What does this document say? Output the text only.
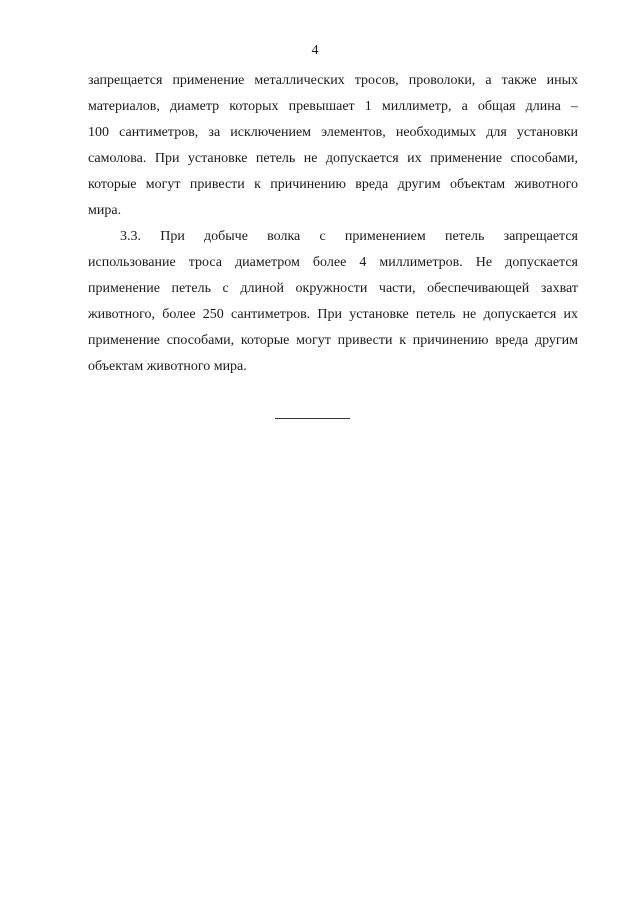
4
запрещается применение металлических тросов, проволоки, а также иных
материалов, диаметр которых превышает 1 миллиметр, а общая длина –
100 сантиметров, за исключением элементов, необходимых для установки
самолова. При установке петель не допускается их применение способами,
которые могут привести к причинению вреда другим объектам животного
мира.
3.3. При добыче волка с применением петель запрещается
использование троса диаметром более 4 миллиметров. Не допускается
применение петель с длиной окружности части, обеспечивающей захват
животного, более 250 сантиметров. При установке петель не допускается их
применение способами, которые могут привести к причинению вреда другим
объектам животного мира.
